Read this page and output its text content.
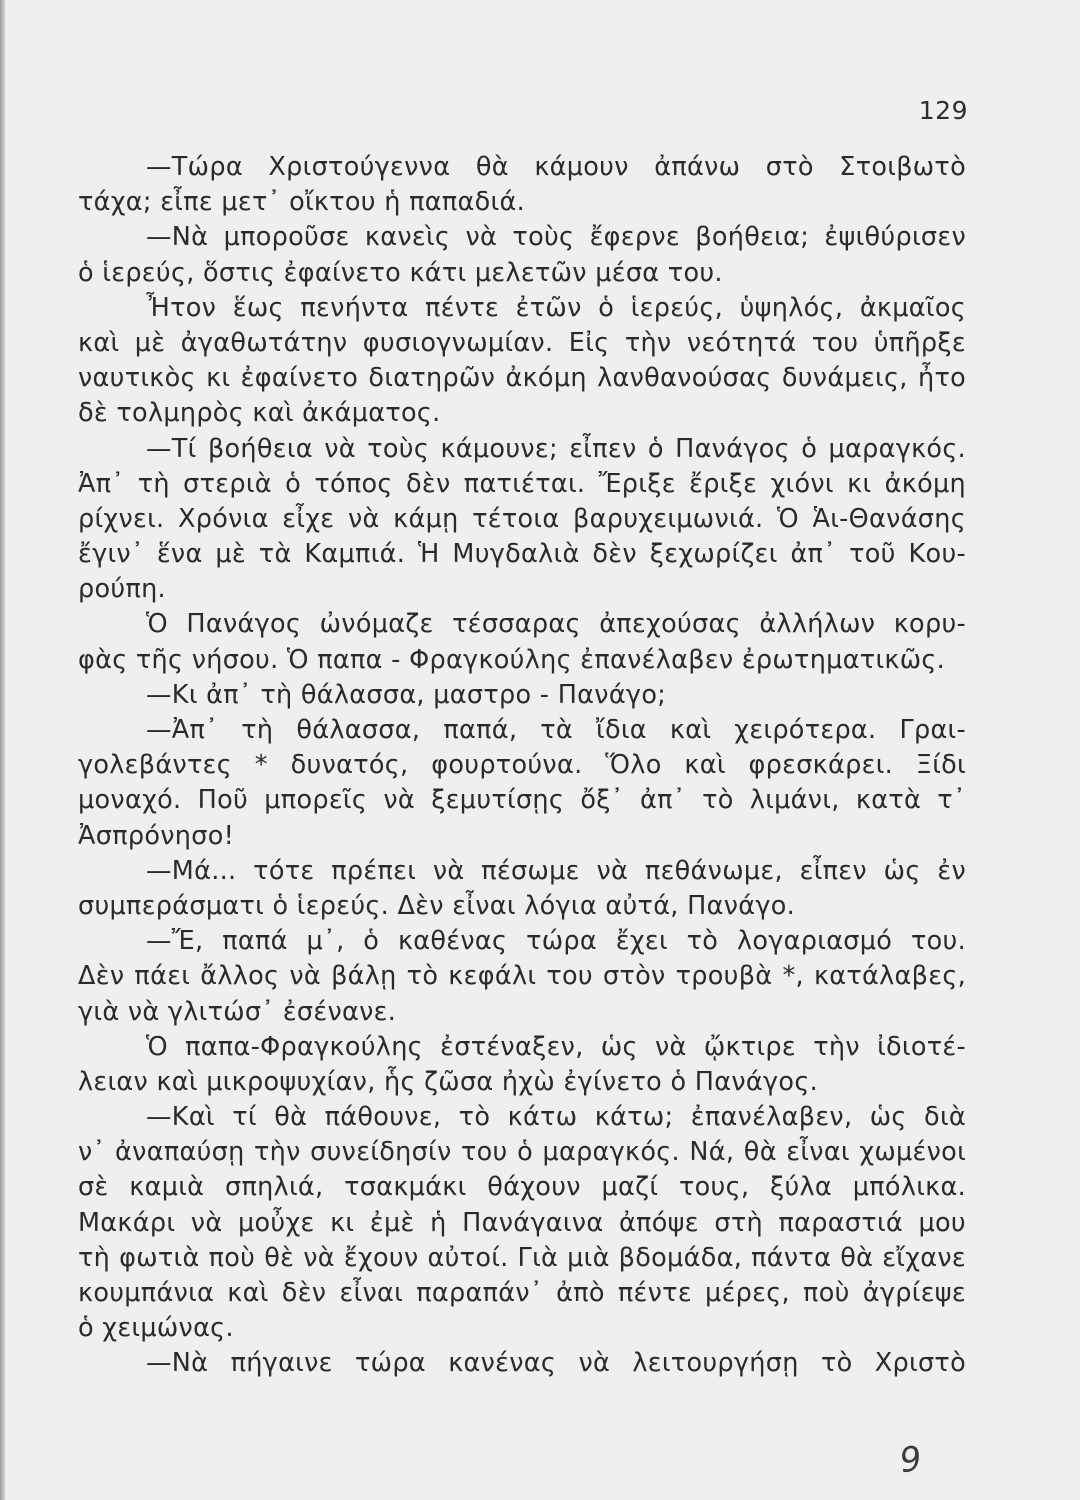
129
—Τώρα Χριστούγεννα θὰ κάμουν ἀπάνω στὸ Στοιβωτὸ
τάχα; εἶπε μετ᾽ οἴκτου ἡ παπαδιά.
—Νὰ μποροῦσε κανεὶς νὰ τοὺς ἔφερνε βοήθεια; ἐψιθύρισεν
ὁ ἱερεύς, ὅστις ἐφαίνετο κάτι μελετῶν μέσα του.
Ἦτον ἕως πενήντα πέντε ἐτῶν ὁ ἱερεύς, ὑψηλός, ἀκμαῖος
καὶ μὲ ἀγαθωτάτην φυσιογνωμίαν. Εἰς τὴν νεότητά του ὑπῆρξε
ναυτικὸς κι ἐφαίνετο διατηρῶν ἀκόμη λανθανούσας δυνάμεις, ἦτο
δὲ τολμηρὸς καὶ ἀκάματος.
—Τί βοήθεια νὰ τοὺς κάμουνε; εἶπεν ὁ Πανάγος ὁ μαραγκός.
Ἀπ᾽ τὴ στεριὰ ὁ τόπος δὲν πατιέται. Ἔριξε ἔριξε χιόνι κι ἀκόμη
ρίχνει. Χρόνια εἶχε νὰ κάμῃ τέτοια βαρυχειμωνιά. Ὁ Ἁι-Θανάσης
ἔγιν᾽ ἕνα μὲ τὰ Καμπιά. Ἡ Μυγδαλιὰ δὲν ξεχωρίζει ἀπ᾽ τοῦ Κου-
ρούπη.
Ὁ Πανάγος ὠνόμαζε τέσσαρας ἀπεχούσας ἀλλήλων κορυ-
φὰς τῆς νήσου. Ὁ παπα - Φραγκούλης ἐπανέλαβεν ἐρωτηματικῶς.
—Κι ἀπ᾽ τὴ θάλασσα, μαστρο - Πανάγο;
—Ἀπ᾽ τὴ θάλασσα, παπά, τὰ ἴδια καὶ χειρότερα. Γραι-
γολεβάντες * δυνατός, φουρτούνα. Ὅλο καὶ φρεσκάρει. Ξίδι
μοναχό. Ποῦ μπορεῖς νὰ ξεμυτίσῃς ὄξ᾽ ἀπ᾽ τὸ λιμάνι, κατὰ τ᾽
Ἀσπρόνησο!
—Μά... τότε πρέπει νὰ πέσωμε νὰ πεθάνωμε, εἶπεν ὡς ἐν
συμπεράσματι ὁ ἱερεύς. Δὲν εἶναι λόγια αὐτά, Πανάγο.
—Ἔ, παπά μ᾽, ὁ καθένας τώρα ἔχει τὸ λογαριασμό του.
Δὲν πάει ἄλλος νὰ βάλῃ τὸ κεφάλι του στὸν τρουβὰ *, κατάλαβες,
γιὰ νὰ γλιτώσ᾽ ἐσένανε.
Ὁ παπα-Φραγκούλης ἐστέναξεν, ὡς νὰ ᾤκτιρε τὴν ἰδιοτέ-
λειαν καὶ μικροψυχίαν, ἧς ζῶσα ἠχὼ ἐγίνετο ὁ Πανάγος.
—Καὶ τί θὰ πάθουνε, τὸ κάτω κάτω; ἐπανέλαβεν, ὡς διὰ
ν᾽ ἀναπαύσῃ τὴν συνείδησίν του ὁ μαραγκός. Νά, θὰ εἶναι χωμένοι
σὲ καμιὰ σπηλιά, τσακμάκι θάχουν μαζί τους, ξύλα μπόλικα.
Μακάρι νὰ μοὖχε κι ἐμὲ ἡ Πανάγαινα ἀπόψε στὴ παραστιά μου
τὴ φωτιὰ ποὺ θὲ νὰ ἔχουν αὐτοί. Γιὰ μιὰ βδομάδα, πάντα θὰ εἴχανε
κουμπάνια καὶ δὲν εἶναι παραπάν᾽ ἀπὸ πέντε μέρες, ποὺ ἀγρίεψε
ὁ χειμώνας.
—Νὰ πήγαινε τώρα κανένας νὰ λειτουργήσῃ τὸ Χριστὸ
9
